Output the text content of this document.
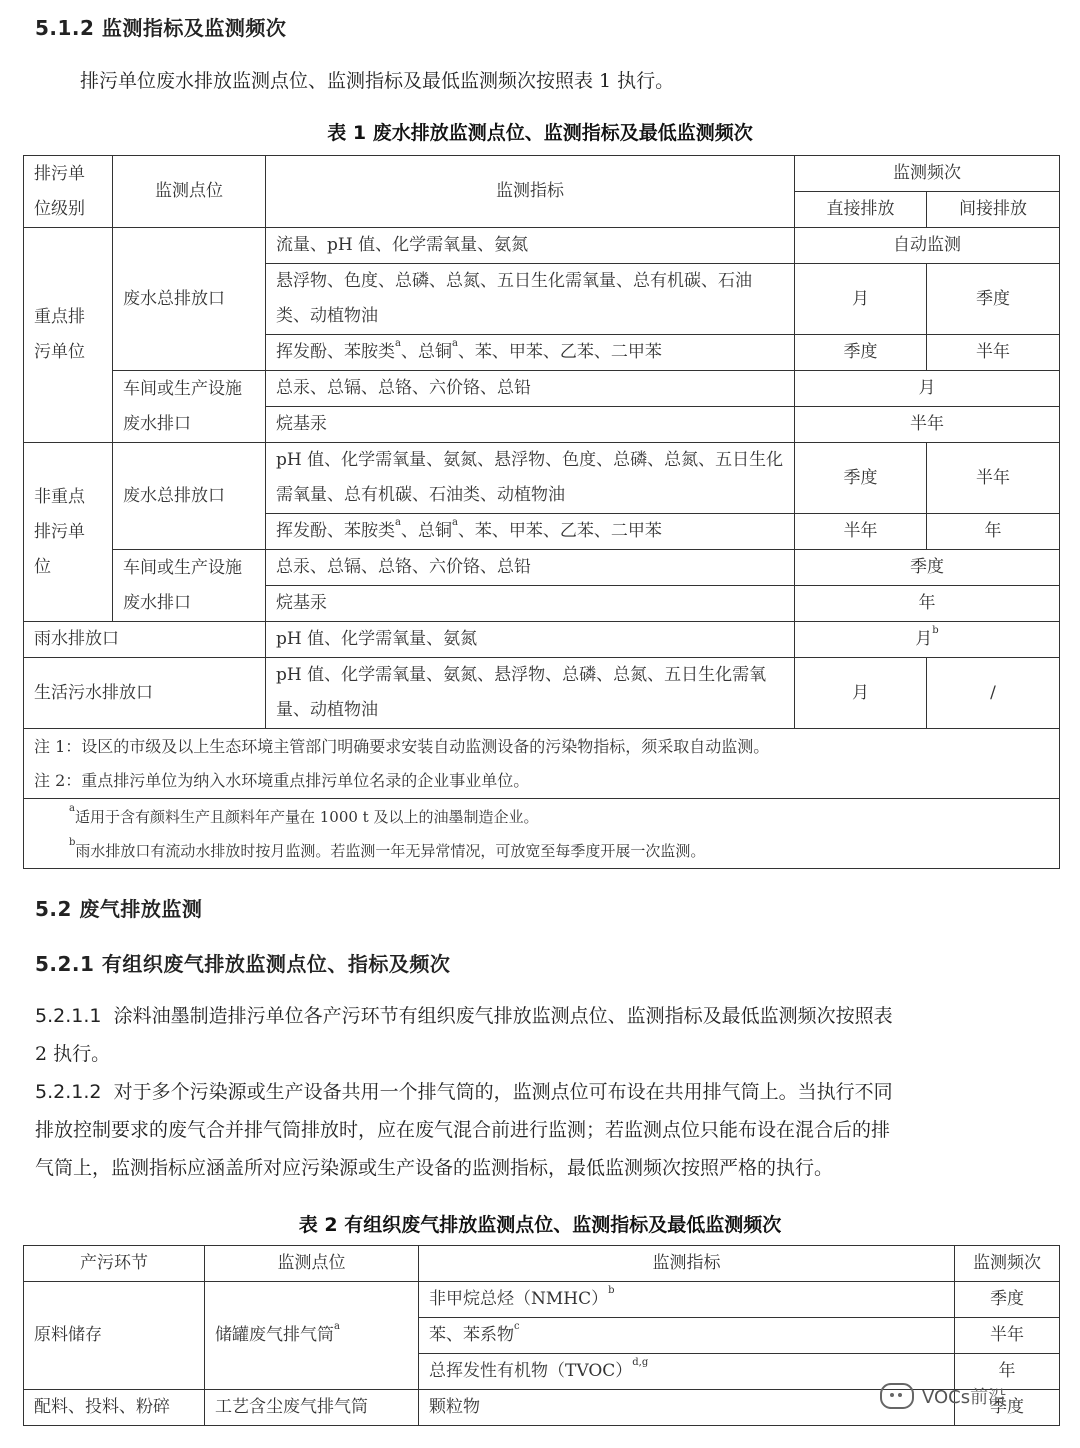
5.1.2 监测指标及监测频次
排污单位废水排放监测点位、监测指标及最低监测频次按照表 1 执行。
表 1 废水排放监测点位、监测指标及最低监测频次
排污单位级别	监测点位	监测指标	监测频次	
			直接排放	间接排放

重点排污单位	废水总排放口	流量、pH 值、化学需氧量、氨氮	自动监测	
		悬浮物、色度、总磷、总氮、五日生化需氧量、总有机碳、石油类、动植物油	月	季度
		挥发酚、苯胺类$^a$、总铜$^a$、苯、甲苯、乙苯、二甲苯	季度	半年

	车间或生产设施废水排口	总汞、总镉、总铬、六价铬、总铅	月	
		烷基汞	半年	

非重点排污单位	废水总排放口	pH 值、化学需氧量、氨氮、悬浮物、色度、总磷、总氮、五日生化需氧量、总有机碳、石油类、动植物油	季度	半年
		挥发酚、苯胺类$^a$、总铜$^a$、苯、甲苯、乙苯、二甲苯	半年	年

	车间或生产设施废水排口	总汞、总镉、总铬、六价铬、总铅	季度	
		烷基汞	年	
雨水排放口		pH 值、化学需氧量、氨氮	月$^b$
生活污水排放口		pH 值、化学需氧量、氨氮、悬浮物、总磷、总氮、五日生化需氧量、动植物油	月	/

注 1：设区的市级及以上生态环境主管部门明确要求安装自动监测设备的污染物指标，须采取自动监测。
注 2：重点排污单位为纳入水环境重点排污单位名录的企业事业单位。				

$^a$适用于含有颜料生产且颜料年产量在 1000 t 及以上的油墨制造企业。
$^b$雨水排放口有流动水排放时按月监测。若监测一年无异常情况，可放宽至每季度开展一次监测。				
5.2 废气排放监测
5.2.1 有组织废气排放监测点位、指标及频次
5.2.1.1 涂料油墨制造排污单位各产污环节有组织废气排放监测点位、监测指标及最低监测频次按照表
2 执行。
5.2.1.2 对于多个污染源或生产设备共用一个排气筒的，监测点位可布设在共用排气筒上。当执行不同
排放控制要求的废气合并排气筒排放时，应在废气混合前进行监测；若监测点位只能布设在混合后的排
气筒上，监测指标应涵盖所对应污染源或生产设备的监测指标，最低监测频次按照严格的执行。
表 2 有组织废气排放监测点位、监测指标及最低监测频次
产污环节	监测点位	监测指标	监测频次
原料储存	储罐废气排气筒$^a$	非甲烷总烃（NMHC）$^b$	季度
		苯、苯系物$^c$	半年
		总挥发性有机物（TVOC）$^{d,g}$	年
配料、投料、粉碎	工艺含尘废气排气筒	颗粒物	季度
VOCs前沿
